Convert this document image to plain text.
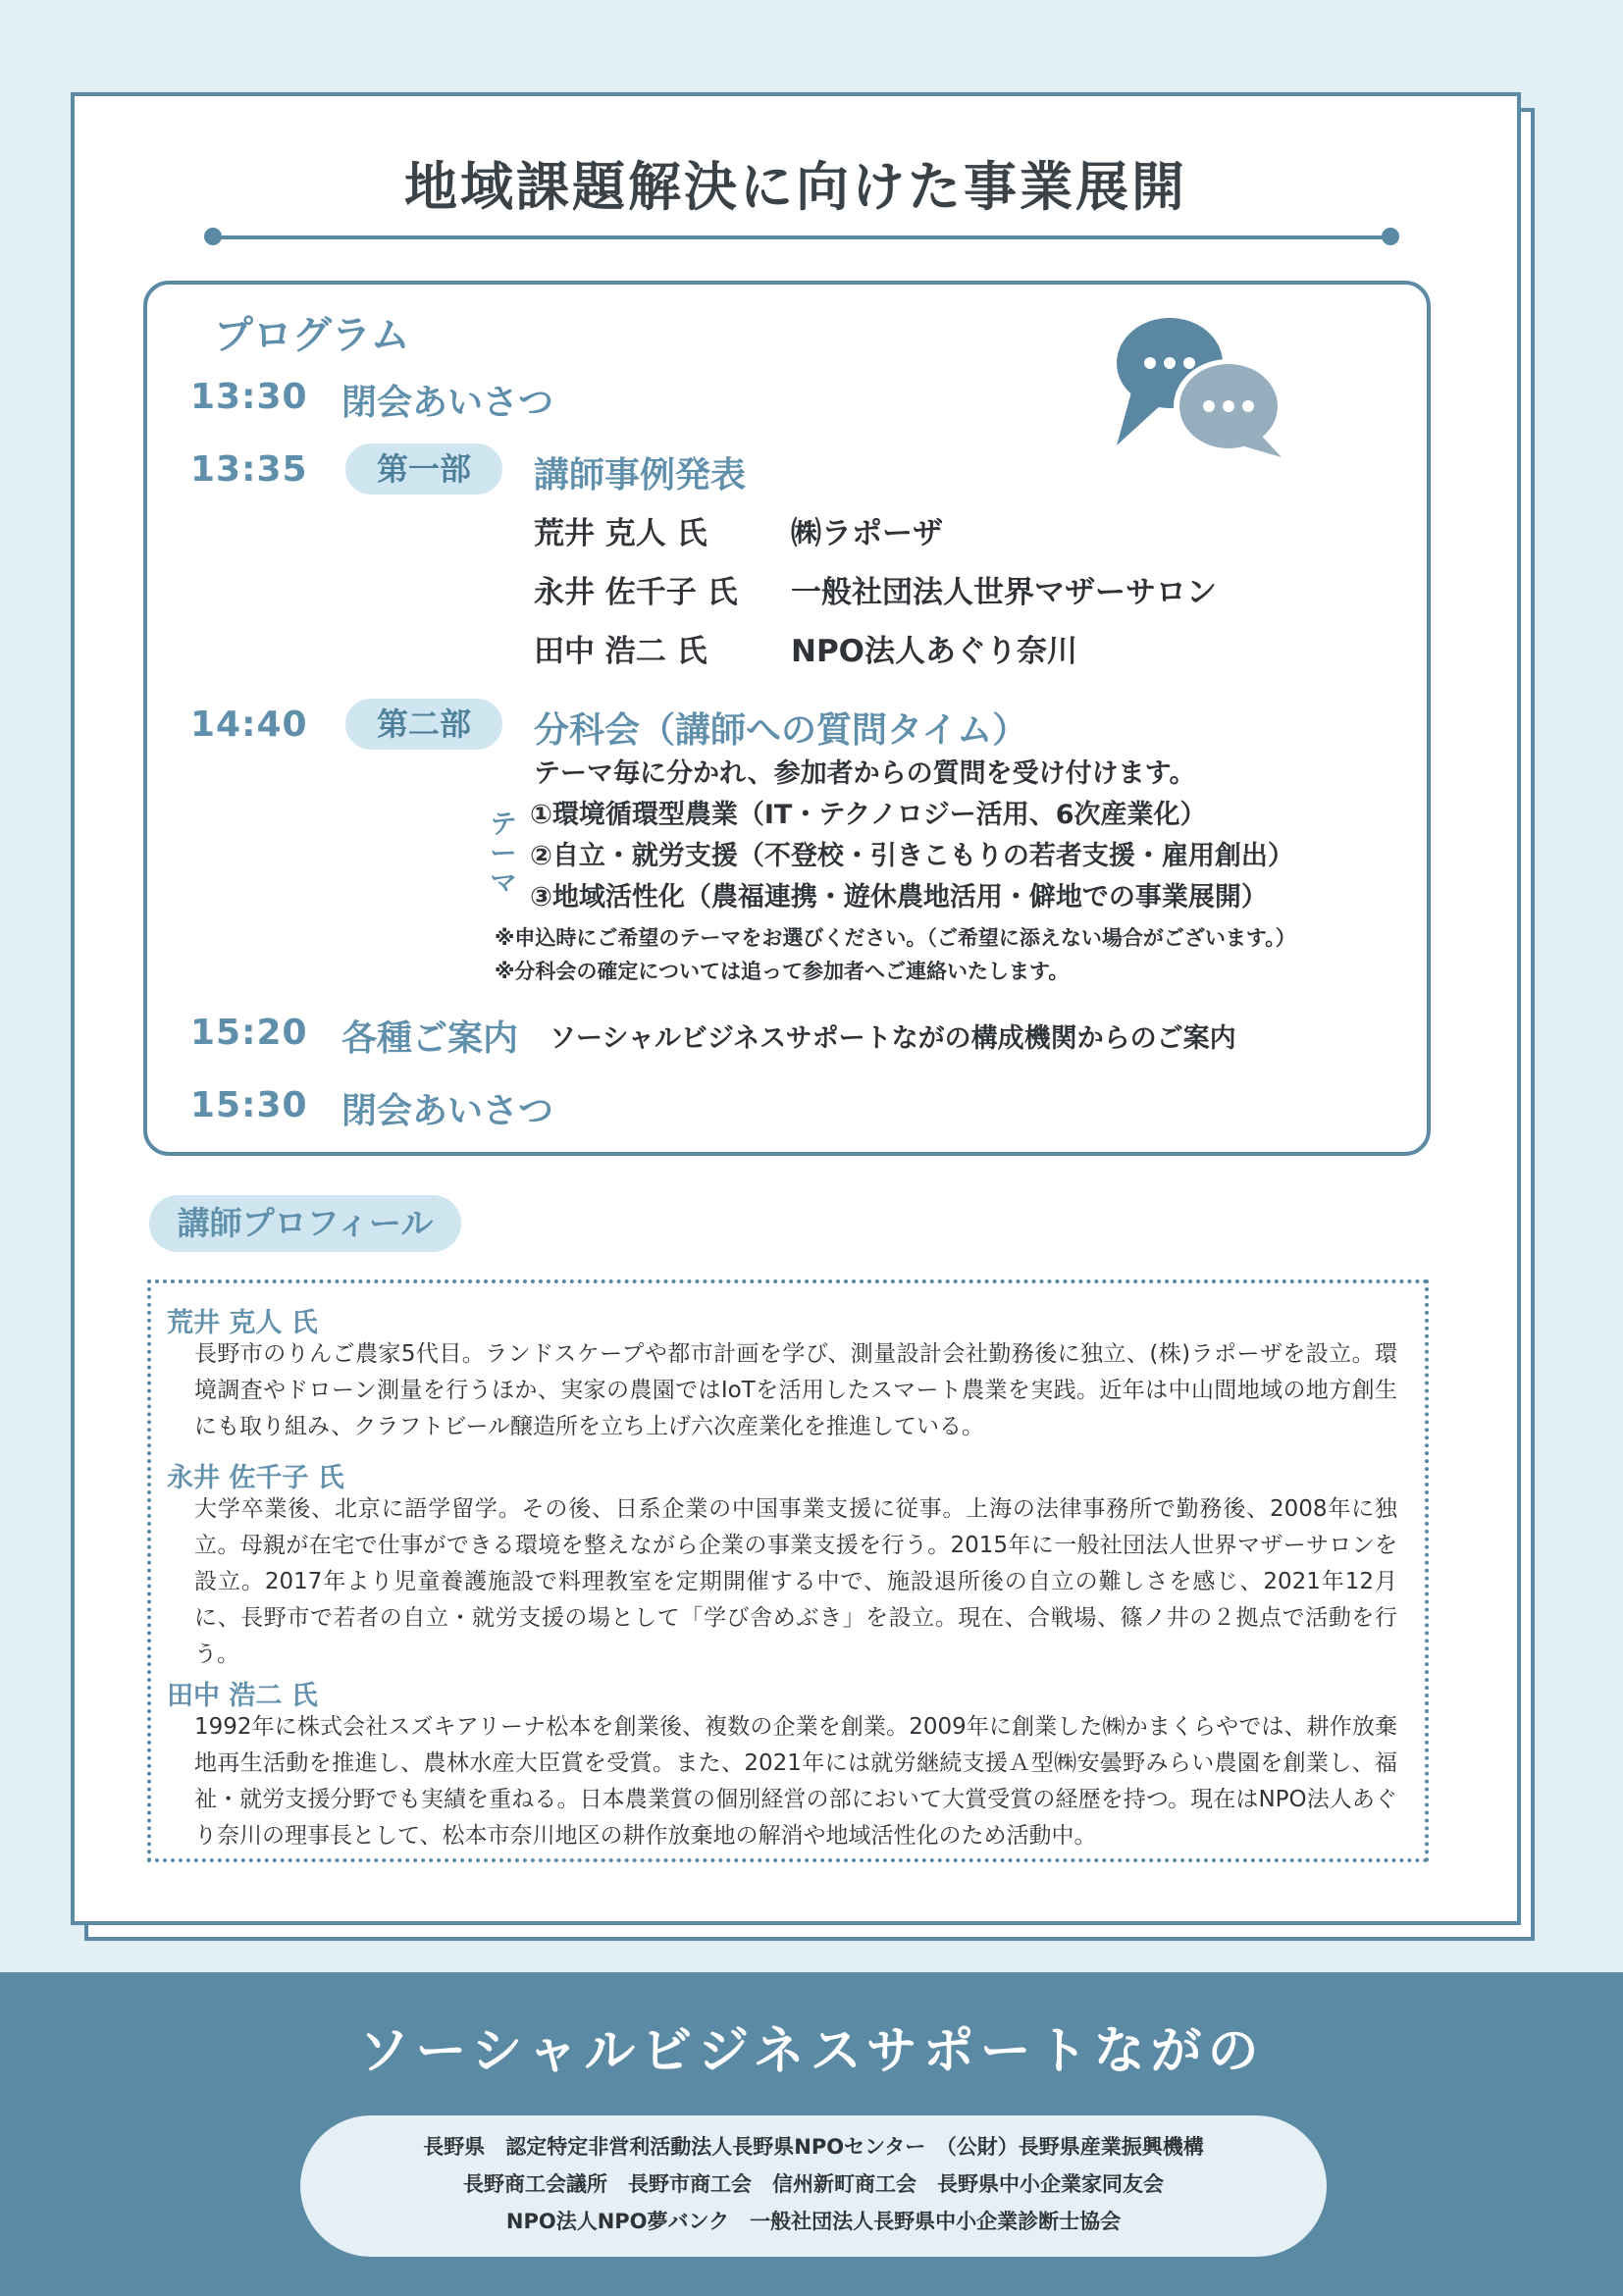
地域課題解決に向けた事業展開
プログラム
13:30 閉会あいさつ
13:35	第一部	講師事例発表
荒井 克人 氏	㈱ラポーザ
永井 佐千子 氏 一般社団法人世界マザーサロン
田中 浩二 氏	NPO法人あぐり奈川
14:40	第二部	分科会（講師への質問タイム）
テーマ毎に分かれ、参加者からの質問を受け付けます。
テーマ
①環境循環型農業（IT・テクノロジー活用、6次産業化）
②自立・就労支援（不登校・引きこもりの若者支援・雇用創出）
③地域活性化（農福連携・遊休農地活用・僻地での事業展開）
※申込時にご希望のテーマをお選びください。（ご希望に添えない場合がございます。）
※分科会の確定については追って参加者へご連絡いたします。
15:20 各種ご案内 ソーシャルビジネスサポートながの構成機関からのご案内
15:30 閉会あいさつ
講師プロフィール
荒井 克人 氏

長野市のりんご農家5代目。ランドスケープや都市計画を学び、測量設計会社勤務後に独立、(株)ラポーザを設立。環境調査やドローン測量を行うほか、実家の農園ではIoTを活用したスマート農業を実践。近年は中山間地域の地方創生にも取り組み、クラフトビール醸造所を立ち上げ六次産業化を推進している。

永井 佐千子 氏

大学卒業後、北京に語学留学。その後、日系企業の中国事業支援に従事。上海の法律事務所で勤務後、2008年に独立。母親が在宅で仕事ができる環境を整えながら企業の事業支援を行う。2015年に一般社団法人世界マザーサロンを設立。2017年より児童養護施設で料理教室を定期開催する中で、施設退所後の自立の難しさを感じ、2021年12月に、長野市で若者の自立・就労支援の場として「学び舎めぶき」を設立。現在、合戦場、篠ノ井の２拠点で活動を行う。

田中 浩二 氏

1992年に株式会社スズキアリーナ松本を創業後、複数の企業を創業。2009年に創業した㈱かまくらやでは、耕作放棄地再生活動を推進し、農林水産大臣賞を受賞。また、2021年には就労継続支援Ａ型㈱安曇野みらい農園を創業し、福祉・就労支援分野でも実績を重ねる。日本農業賞の個別経営の部において大賞受賞の経歴を持つ。現在はNPO法人あぐり奈川の理事長として、松本市奈川地区の耕作放棄地の解消や地域活性化のため活動中。

ソーシャルビジネスサポートながの
長野県　認定特定非営利活動法人長野県NPOセンター　（公財）長野県産業振興機構
長野商工会議所　長野市商工会　信州新町商工会　長野県中小企業家同友会
NPO法人NPO夢バンク　一般社団法人長野県中小企業診断士協会
